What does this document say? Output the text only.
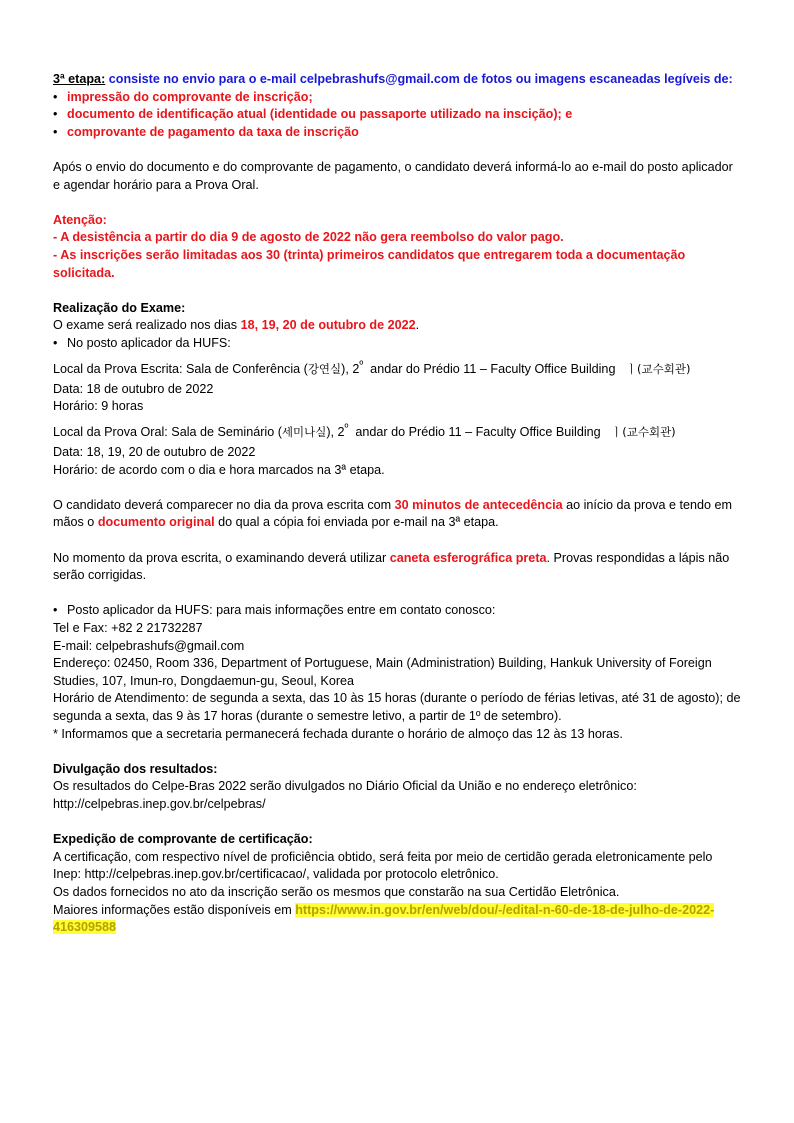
3ª etapa: consiste no envio para o e-mail celpebrashufs@gmail.com de fotos ou imagens escaneadas legíveis de:
• impressão do comprovante de inscrição;
• documento de identificação atual (identidade ou passaporte utilizado na inscição); e
• comprovante de pagamento da taxa de inscrição
Após o envio do documento e do comprovante de pagamento, o candidato deverá informá-lo ao e-mail do posto aplicador e agendar horário para a Prova Oral.
Atenção:
- A desistência a partir do dia 9 de agosto de 2022 não gera reembolso do valor pago.
- As inscrições serão limitadas aos 30 (trinta) primeiros candidatos que entregarem toda a documentação solicitada.
Realização do Exame:
O exame será realizado nos dias 18, 19, 20 de outubro de 2022.
• No posto aplicador da HUFS:
Local da Prova Escrita: Sala de Conferência (강연실), $2^º$  andar do Prédio 11 – Faculty Office Building   ㅣ(교수회관)
Data: 18 de outubro de 2022
Horário: 9 horas
Local da Prova Oral: Sala de Seminário (세미나실), $2^º$  andar do Prédio 11 – Faculty Office Building   ㅣ(교수회관)
Data: 18, 19, 20 de outubro de 2022
Horário: de acordo com o dia e hora marcados na 3ª etapa.
O candidato deverá comparecer no dia da prova escrita com 30 minutos de antecedência ao início da prova e tendo em mãos o documento original do qual a cópia foi enviada por e-mail na 3ª etapa.
No momento da prova escrita, o examinando deverá utilizar caneta esferográfica preta. Provas respondidas a lápis não serão corrigidas.
• Posto aplicador da HUFS: para mais informações entre em contato conosco:
Tel e Fax: +82 2 21732287
E-mail: celpebrashufs@gmail.com
Endereço: 02450, Room 336, Department of Portuguese, Main (Administration) Building, Hankuk University of Foreign Studies, 107, Imun-ro, Dongdaemun-gu, Seoul, Korea
Horário de Atendimento: de segunda a sexta, das 10 às 15 horas (durante o período de férias letivas, até 31 de agosto); de segunda a sexta, das 9 às 17 horas (durante o semestre letivo, a partir de 1º de setembro).
* Informamos que a secretaria permanecerá fechada durante o horário de almoço das 12 às 13 horas.
Divulgação dos resultados:
Os resultados do Celpe-Bras 2022 serão divulgados no Diário Oficial da União e no endereço eletrônico: http://celpebras.inep.gov.br/celpebras/
Expedição de comprovante de certificação:
A certificação, com respectivo nível de proficiência obtido, será feita por meio de certidão gerada eletronicamente pelo Inep: http://celpebras.inep.gov.br/certificacao/, validada por protocolo eletrônico.
Os dados fornecidos no ato da inscrição serão os mesmos que constarão na sua Certidão Eletrônica.
Maiores informações estão disponíveis em https://www.in.gov.br/en/web/dou/-/edital-n-60-de-18-de-julho-de-2022-416309588
